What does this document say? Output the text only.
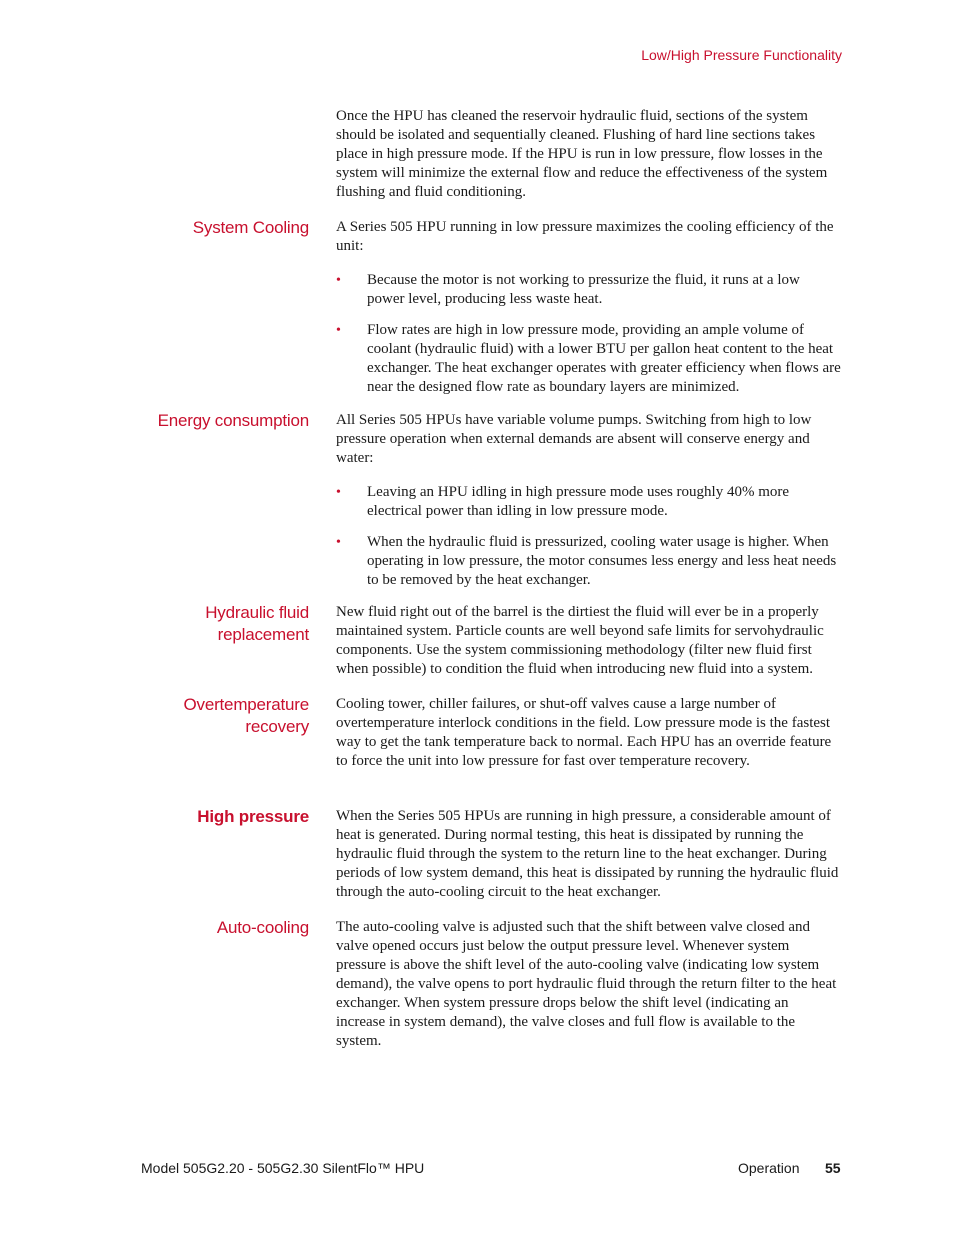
Low/High Pressure Functionality

Once the HPU has cleaned the reservoir hydraulic fluid, sections of the system should be isolated and sequentially cleaned. Flushing of hard line sections takes place in high pressure mode. If the HPU is run in low pressure, flow losses in the system will minimize the external flow and reduce the effectiveness of the system flushing and fluid conditioning.

System Cooling A Series 505 HPU running in low pressure maximizes the cooling efficiency of the unit:

• Because the motor is not working to pressurize the fluid, it runs at a low power level, producing less waste heat.
• Flow rates are high in low pressure mode, providing an ample volume of coolant (hydraulic fluid) with a lower BTU per gallon heat content to the heat exchanger. The heat exchanger operates with greater efficiency when flows are near the designed flow rate as boundary layers are minimized.
Energy consumption All Series 505 HPUs have variable volume pumps. Switching from high to low pressure operation when external demands are absent will conserve energy and water:

• Leaving an HPU idling in high pressure mode uses roughly 40% more electrical power than idling in low pressure mode.
• When the hydraulic fluid is pressurized, cooling water usage is higher. When operating in low pressure, the motor consumes less energy and less heat needs to be removed by the heat exchanger.
Hydraulic fluid
replacement

New fluid right out of the barrel is the dirtiest the fluid will ever be in a properly maintained system. Particle counts are well beyond safe limits for servohydraulic components. Use the system commissioning methodology (filter new fluid first when possible) to condition the fluid when introducing new fluid into a system.

Overtemperature
recovery

Cooling tower, chiller failures, or shut-off valves cause a large number of overtemperature interlock conditions in the field. Low pressure mode is the fastest way to get the tank temperature back to normal. Each HPU has an override feature to force the unit into low pressure for fast over temperature recovery.

High pressure When the Series 505 HPUs are running in high pressure, a considerable amount of heat is generated. During normal testing, this heat is dissipated by running the hydraulic fluid through the system to the return line to the heat exchanger. During periods of low system demand, this heat is dissipated by running the hydraulic fluid through the auto-cooling circuit to the heat exchanger.

Auto-cooling The auto-cooling valve is adjusted such that the shift between valve closed and valve opened occurs just below the output pressure level. Whenever system pressure is above the shift level of the auto-cooling valve (indicating low system demand), the valve opens to port hydraulic fluid through the return filter to the heat exchanger. When system pressure drops below the shift level (indicating an increase in system demand), the valve closes and full flow is available to the system.

Model 505G2.20 - 505G2.30 SilentFlo™ HPU	Operation 55
